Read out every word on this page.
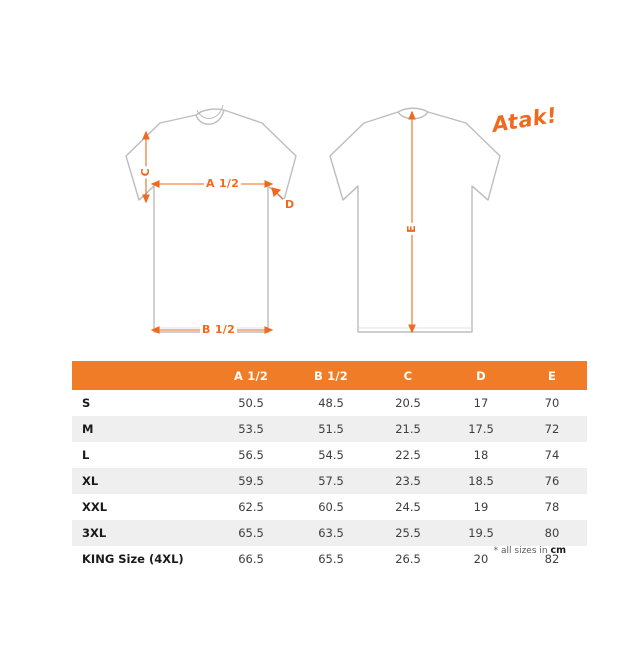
A 1/2
B 1/2
C
D
E
Atak!
	A 1/2	B 1/2	C	D	E
S	50.5	48.5	20.5	17	70
M	53.5	51.5	21.5	17.5	72
L	56.5	54.5	22.5	18	74
XL	59.5	57.5	23.5	18.5	76
XXL	62.5	60.5	24.5	19	78
3XL	65.5	63.5	25.5	19.5	80
KING Size (4XL)	66.5	65.5	26.5	20	82
* all sizes in cm
